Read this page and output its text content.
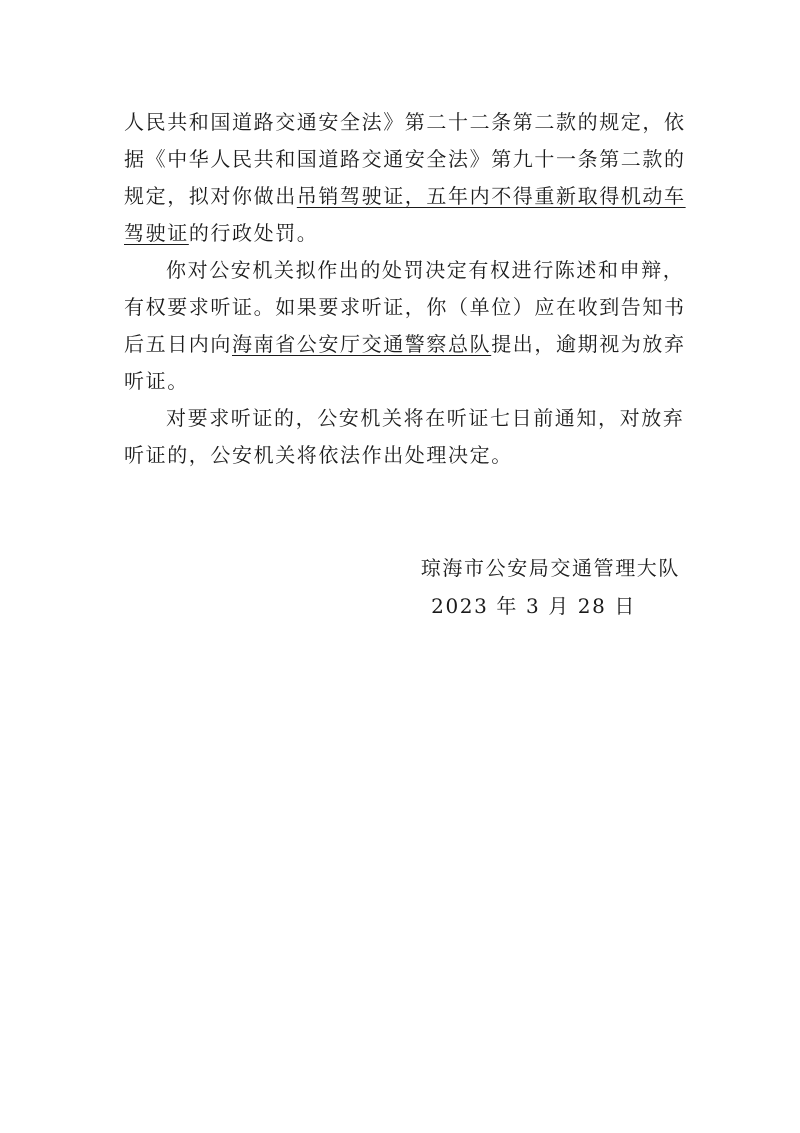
人民共和国道路交通安全法》第二十二条第二款的规定，依据《中华人民共和国道路交通安全法》第九十一条第二款的规定，拟对你做出吊销驾驶证，五年内不得重新取得机动车驾驶证的行政处罚。

你对公安机关拟作出的处罚决定有权进行陈述和申辩，有权要求听证。如果要求听证，你（单位）应在收到告知书后五日内向海南省公安厅交通警察总队提出，逾期视为放弃听证。

对要求听证的，公安机关将在听证七日前通知，对放弃听证的，公安机关将依法作出处理决定。

琼海市公安局交通管理大队
2023 年 3 月 28 日
